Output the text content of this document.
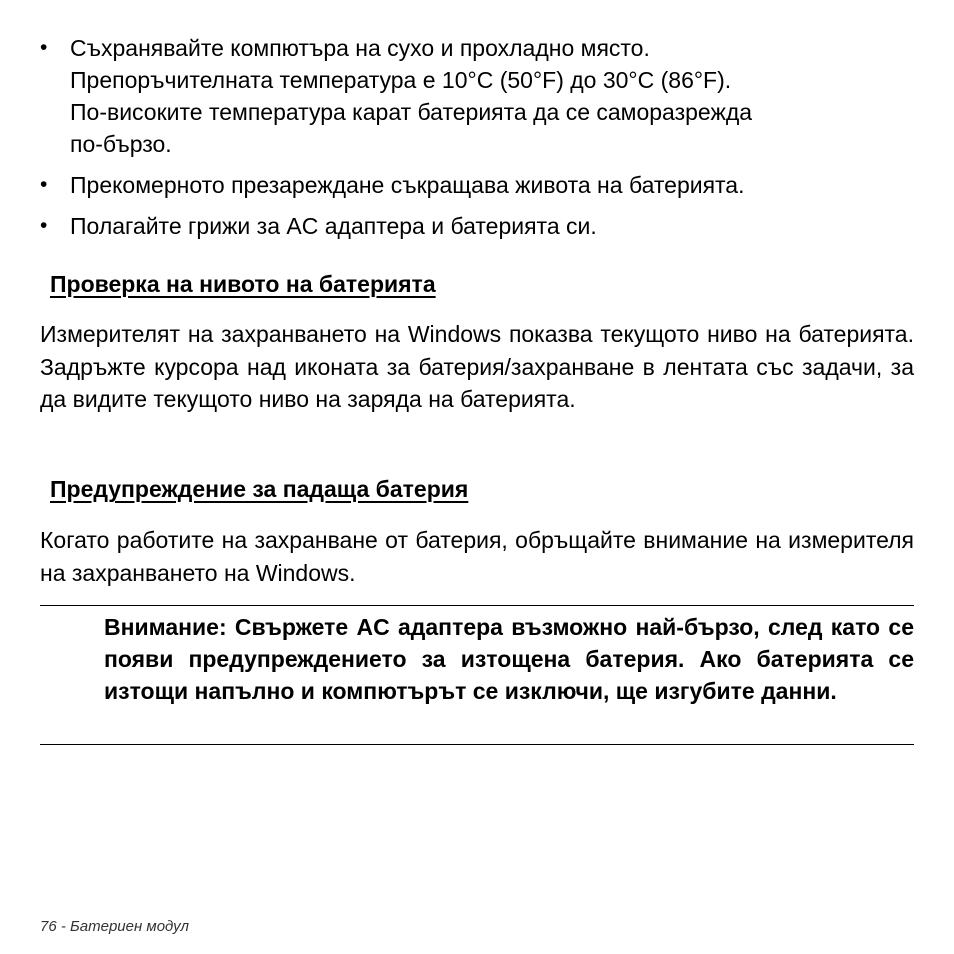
• Съхранявайте компютъра на сухо и прохладно място.
Препоръчителната температура е 10°C (50°F) до 30°C (86°F).
По-високите температура карат батерията да се саморазрежда
по-бързо.
• Прекомерното презареждане съкращава живота на батерията.
• Полагайте грижи за AC адаптера и батерията си.
Проверка на нивото на батерията

Измерителят на захранването на Windows показва текущото ниво на батерията. Задръжте курсора над иконата за батерия/захранване в лентата със задачи, за да видите текущото ниво на заряда на батерията.

Предупреждение за падаща батерия

Когато работите на захранване от батерия, обръщайте внимание на измерителя на захранването на Windows.

Внимание: Свържете AC адаптера възможно най-бързо, след като се появи предупреждението за изтощена батерия. Ако батерията се изтощи напълно и компютърът се изключи, ще изгубите данни.

76 - Батериен модул
